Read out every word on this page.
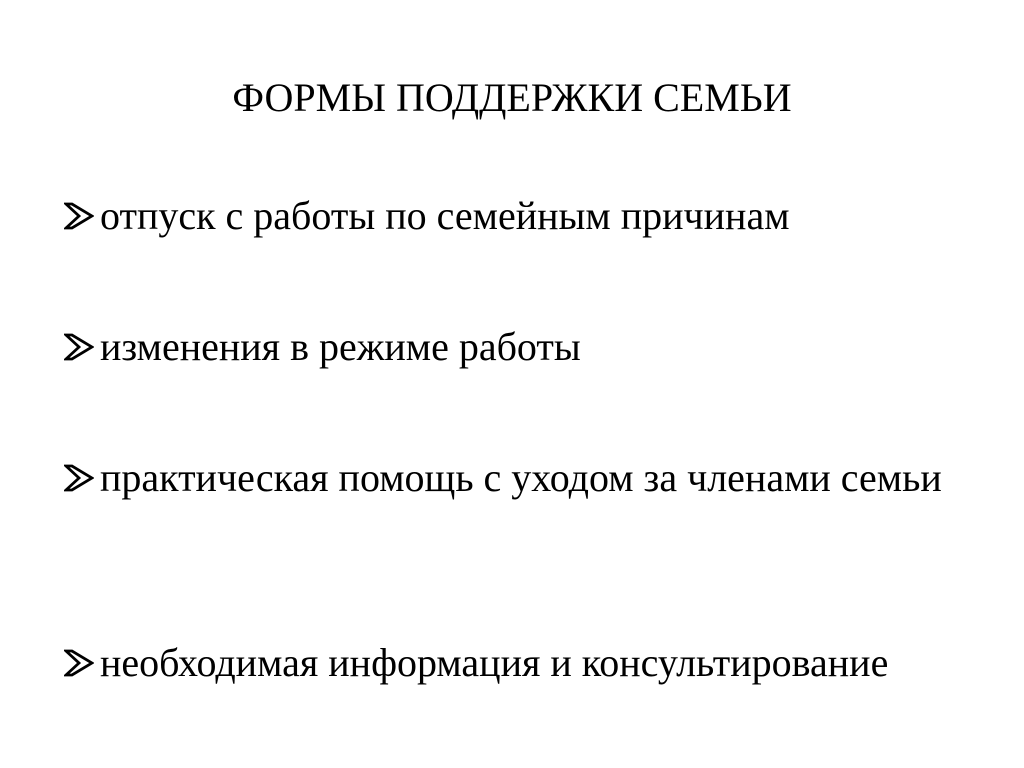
ФОРМЫ ПОДДЕРЖКИ СЕМЬИ
отпуск с работы по семейным причинам
изменения в режиме работы
практическая помощь с уходом за членами семьи
необходимая информация и консультирование
